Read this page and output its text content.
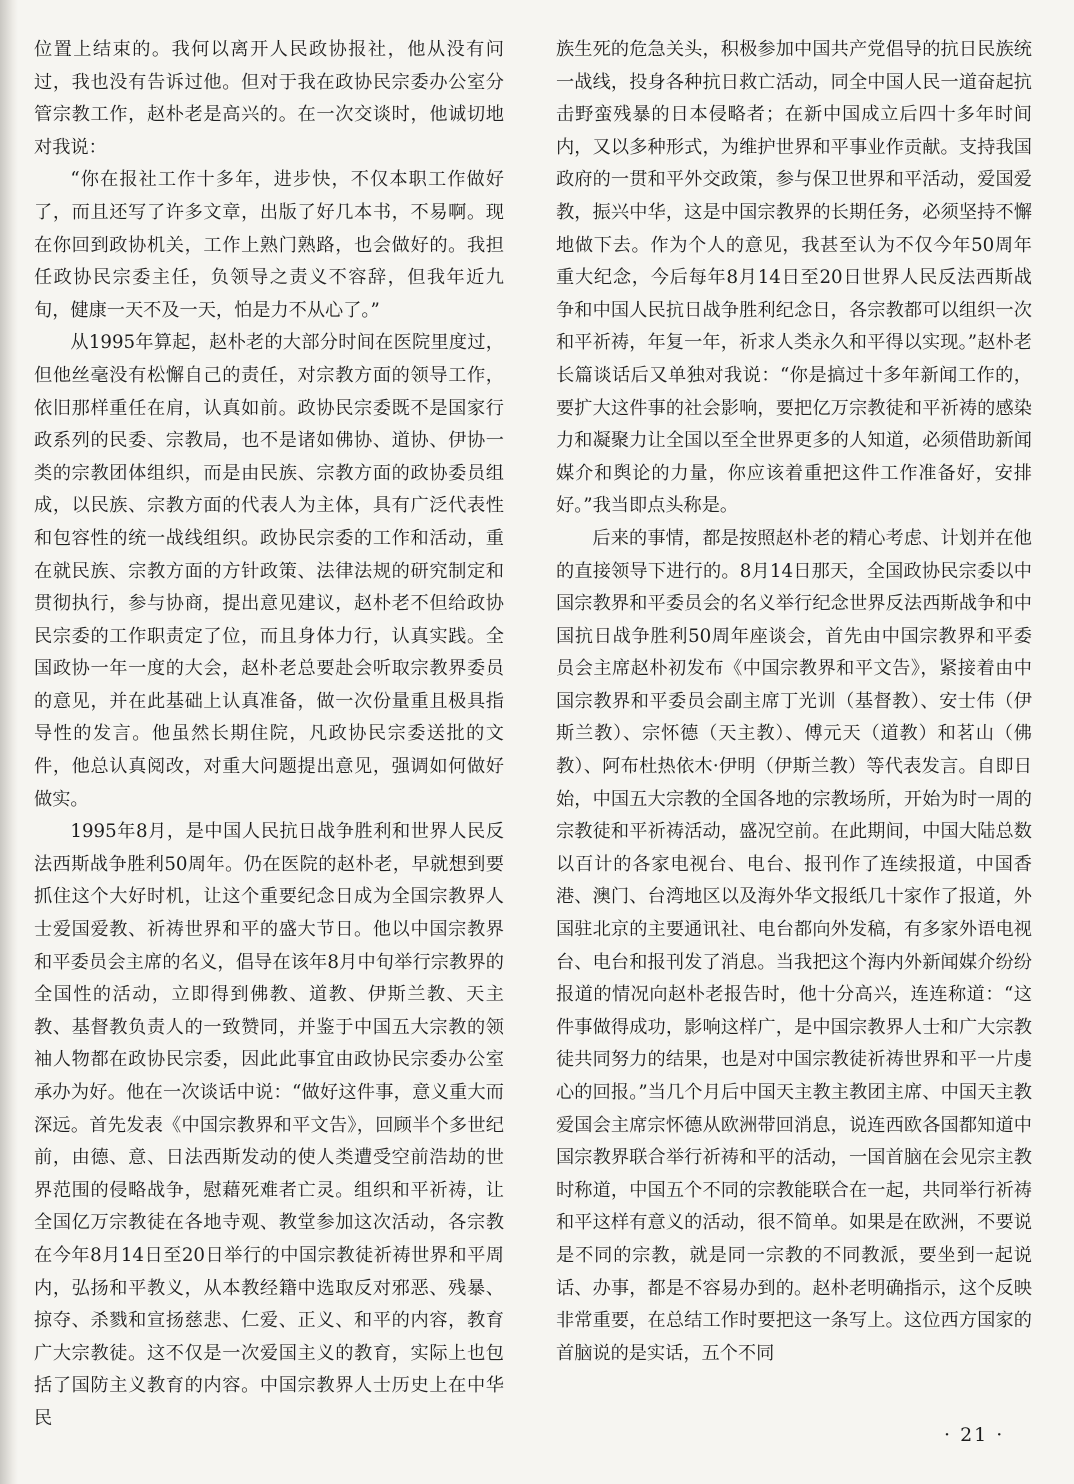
位置上结束的。我何以离开人民政协报社，他从没有问过，我也没有告诉过他。但对于我在政协民宗委办公室分管宗教工作，赵朴老是高兴的。在一次交谈时，他诚切地对我说：

“你在报社工作十多年，进步快，不仅本职工作做好了，而且还写了许多文章，出版了好几本书，不易啊。现在你回到政协机关，工作上熟门熟路，也会做好的。我担任政协民宗委主任，负领导之责义不容辞，但我年近九旬，健康一天不及一天，怕是力不从心了。”

从1995年算起，赵朴老的大部分时间在医院里度过，但他丝毫没有松懈自己的责任，对宗教方面的领导工作，依旧那样重任在肩，认真如前。政协民宗委既不是国家行政系列的民委、宗教局，也不是诸如佛协、道协、伊协一类的宗教团体组织，而是由民族、宗教方面的政协委员组成，以民族、宗教方面的代表人为主体，具有广泛代表性和包容性的统一战线组织。政协民宗委的工作和活动，重在就民族、宗教方面的方针政策、法律法规的研究制定和贯彻执行，参与协商，提出意见建议，赵朴老不但给政协民宗委的工作职责定了位，而且身体力行，认真实践。全国政协一年一度的大会，赵朴老总要赴会听取宗教界委员的意见，并在此基础上认真准备，做一次份量重且极具指导性的发言。他虽然长期住院，凡政协民宗委送批的文件，他总认真阅改，对重大问题提出意见，强调如何做好做实。

1995年8月，是中国人民抗日战争胜利和世界人民反法西斯战争胜利50周年。仍在医院的赵朴老，早就想到要抓住这个大好时机，让这个重要纪念日成为全国宗教界人士爱国爱教、祈祷世界和平的盛大节日。他以中国宗教界和平委员会主席的名义，倡导在该年8月中旬举行宗教界的全国性的活动，立即得到佛教、道教、伊斯兰教、天主教、基督教负责人的一致赞同，并鉴于中国五大宗教的领袖人物都在政协民宗委，因此此事宜由政协民宗委办公室承办为好。他在一次谈话中说：“做好这件事，意义重大而深远。首先发表《中国宗教界和平文告》，回顾半个多世纪前，由德、意、日法西斯发动的使人类遭受空前浩劫的世界范围的侵略战争，慰藉死难者亡灵。组织和平祈祷，让全国亿万宗教徒在各地寺观、教堂参加这次活动，各宗教在今年8月14日至20日举行的中国宗教徒祈祷世界和平周内，弘扬和平教义，从本教经籍中选取反对邪恶、残暴、掠夺、杀戮和宣扬慈悲、仁爱、正义、和平的内容，教育广大宗教徒。这不仅是一次爱国主义的教育，实际上也包括了国防主义教育的内容。中国宗教界人士历史上在中华民

族生死的危急关头，积极参加中国共产党倡导的抗日民族统一战线，投身各种抗日救亡活动，同全中国人民一道奋起抗击野蛮残暴的日本侵略者；在新中国成立后四十多年时间内，又以多种形式，为维护世界和平事业作贡献。支持我国政府的一贯和平外交政策，参与保卫世界和平活动，爱国爱教，振兴中华，这是中国宗教界的长期任务，必须坚持不懈地做下去。作为个人的意见，我甚至认为不仅今年50周年重大纪念，今后每年8月14日至20日世界人民反法西斯战争和中国人民抗日战争胜利纪念日，各宗教都可以组织一次和平祈祷，年复一年，祈求人类永久和平得以实现。”赵朴老长篇谈话后又单独对我说：“你是搞过十多年新闻工作的，要扩大这件事的社会影响，要把亿万宗教徒和平祈祷的感染力和凝聚力让全国以至全世界更多的人知道，必须借助新闻媒介和舆论的力量，你应该着重把这件工作准备好，安排好。”我当即点头称是。

后来的事情，都是按照赵朴老的精心考虑、计划并在他的直接领导下进行的。8月14日那天，全国政协民宗委以中国宗教界和平委员会的名义举行纪念世界反法西斯战争和中国抗日战争胜利50周年座谈会，首先由中国宗教界和平委员会主席赵朴初发布《中国宗教界和平文告》，紧接着由中国宗教界和平委员会副主席丁光训（基督教）、安士伟（伊斯兰教）、宗怀德（天主教）、傅元天（道教）和茗山（佛教）、阿布杜热依木·伊明（伊斯兰教）等代表发言。自即日始，中国五大宗教的全国各地的宗教场所，开始为时一周的宗教徒和平祈祷活动，盛况空前。在此期间，中国大陆总数以百计的各家电视台、电台、报刊作了连续报道，中国香港、澳门、台湾地区以及海外华文报纸几十家作了报道，外国驻北京的主要通讯社、电台都向外发稿，有多家外语电视台、电台和报刊发了消息。当我把这个海内外新闻媒介纷纷报道的情况向赵朴老报告时，他十分高兴，连连称道：“这件事做得成功，影响这样广，是中国宗教界人士和广大宗教徒共同努力的结果，也是对中国宗教徒祈祷世界和平一片虔心的回报。”当几个月后中国天主教主教团主席、中国天主教爱国会主席宗怀德从欧洲带回消息，说连西欧各国都知道中国宗教界联合举行祈祷和平的活动，一国首脑在会见宗主教时称道，中国五个不同的宗教能联合在一起，共同举行祈祷和平这样有意义的活动，很不简单。如果是在欧洲，不要说是不同的宗教，就是同一宗教的不同教派，要坐到一起说话、办事，都是不容易办到的。赵朴老明确指示，这个反映非常重要，在总结工作时要把这一条写上。这位西方国家的首脑说的是实话，五个不同

· 21 ·
